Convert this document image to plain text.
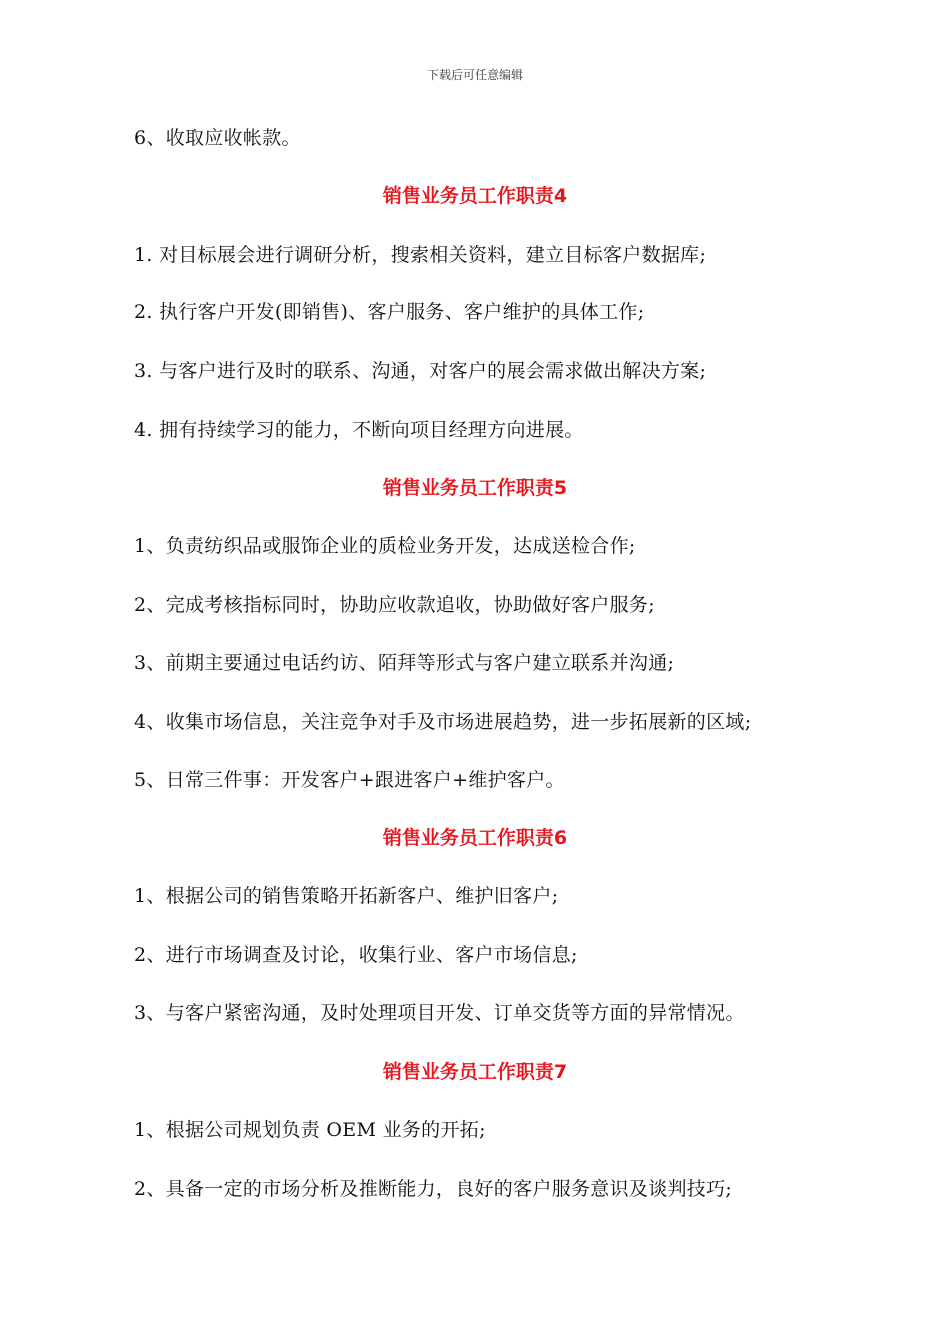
下载后可任意编辑
6、收取应收帐款。
销售业务员工作职责4
1. 对目标展会进行调研分析，搜索相关资料，建立目标客户数据库;
2. 执行客户开发(即销售)、客户服务、客户维护的具体工作;
3. 与客户进行及时的联系、沟通，对客户的展会需求做出解决方案;
4. 拥有持续学习的能力，不断向项目经理方向进展。
销售业务员工作职责5
1、负责纺织品或服饰企业的质检业务开发，达成送检合作;
2、完成考核指标同时，协助应收款追收，协助做好客户服务;
3、前期主要通过电话约访、陌拜等形式与客户建立联系并沟通;
4、收集市场信息，关注竞争对手及市场进展趋势，进一步拓展新的区域;
5、日常三件事：开发客户+跟进客户+维护客户。
销售业务员工作职责6
1、根据公司的销售策略开拓新客户、维护旧客户;
2、进行市场调查及讨论，收集行业、客户市场信息;
3、与客户紧密沟通，及时处理项目开发、订单交货等方面的异常情况。
销售业务员工作职责7
1、根据公司规划负责 OEM 业务的开拓;
2、具备一定的市场分析及推断能力，良好的客户服务意识及谈判技巧;
